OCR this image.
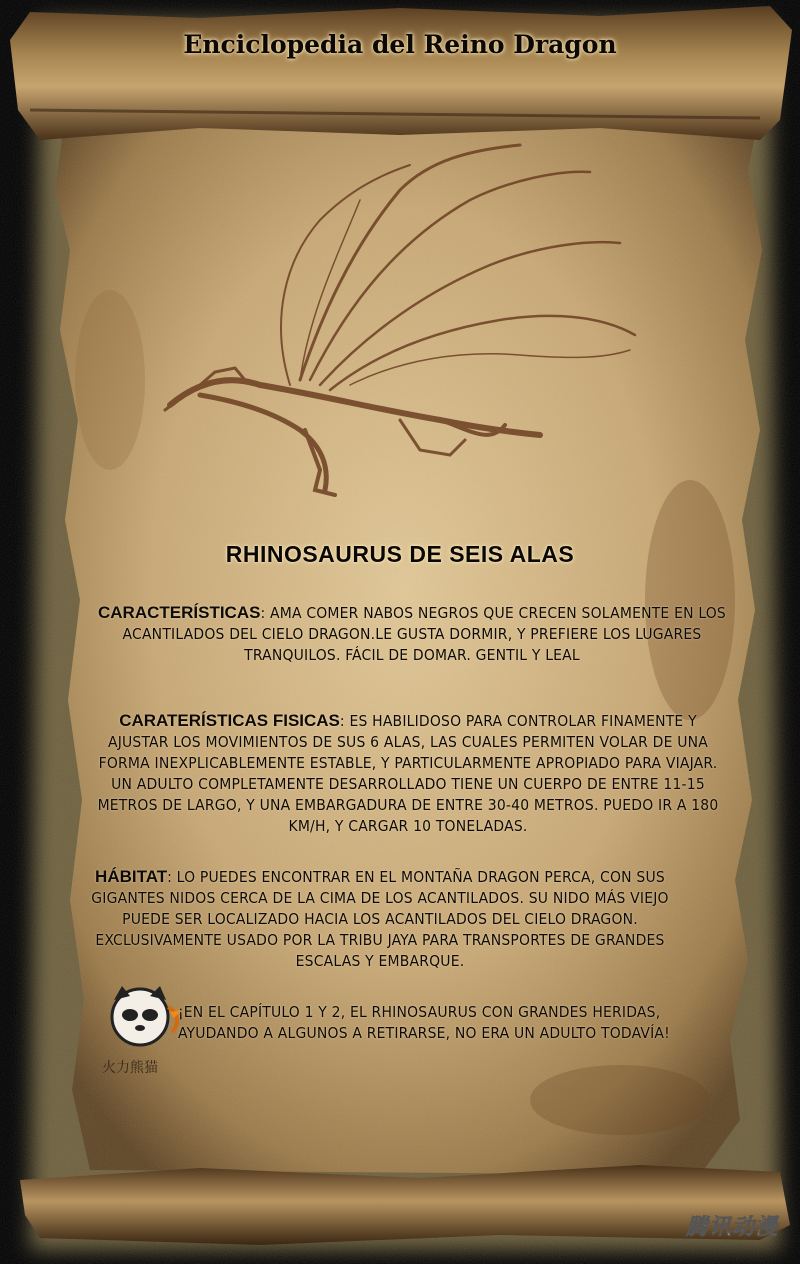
Enciclopedia del Reino Dragon
RHINOSAURUS DE SEIS ALAS
CARACTERÍSTICAS: AMA COMER NABOS NEGROS QUE CRECEN SOLAMENTE EN LOS ACANTILADOS DEL CIELO DRAGON.LE GUSTA DORMIR, Y PREFIERE LOS LUGARES TRANQUILOS. FÁCIL DE DOMAR. GENTIL Y LEAL
CARATERÍSTICAS FISICAS: ES HABILIDOSO PARA CONTROLAR FINAMENTE Y AJUSTAR LOS MOVIMIENTOS DE SUS 6 ALAS, LAS CUALES PERMITEN VOLAR DE UNA FORMA INEXPLICABLEMENTE ESTABLE, Y PARTICULARMENTE APROPIADO PARA VIAJAR. UN ADULTO COMPLETAMENTE DESARROLLADO TIENE UN CUERPO DE ENTRE 11-15 METROS DE LARGO, Y UNA EMBARGADURA DE ENTRE 30-40 METROS. PUEDO IR A 180 KM/H, Y CARGAR 10 TONELADAS.
HÁBITAT: LO PUEDES ENCONTRAR EN EL MONTAÑA DRAGON PERCA, CON SUS GIGANTES NIDOS CERCA DE LA CIMA DE LOS ACANTILADOS. SU NIDO MÁS VIEJO PUEDE SER LOCALIZADO HACIA LOS ACANTILADOS DEL CIELO DRAGON. EXCLUSIVAMENTE USADO POR LA TRIBU JAYA PARA TRANSPORTES DE GRANDES ESCALAS Y EMBARQUE.
火力熊猫
¡EN EL CAPÍTULO 1 Y 2, EL RHINOSAURUS CON GRANDES HERIDAS, AYUDANDO A ALGUNOS A RETIRARSE, NO ERA UN ADULTO TODAVÍA!
腾讯动漫
